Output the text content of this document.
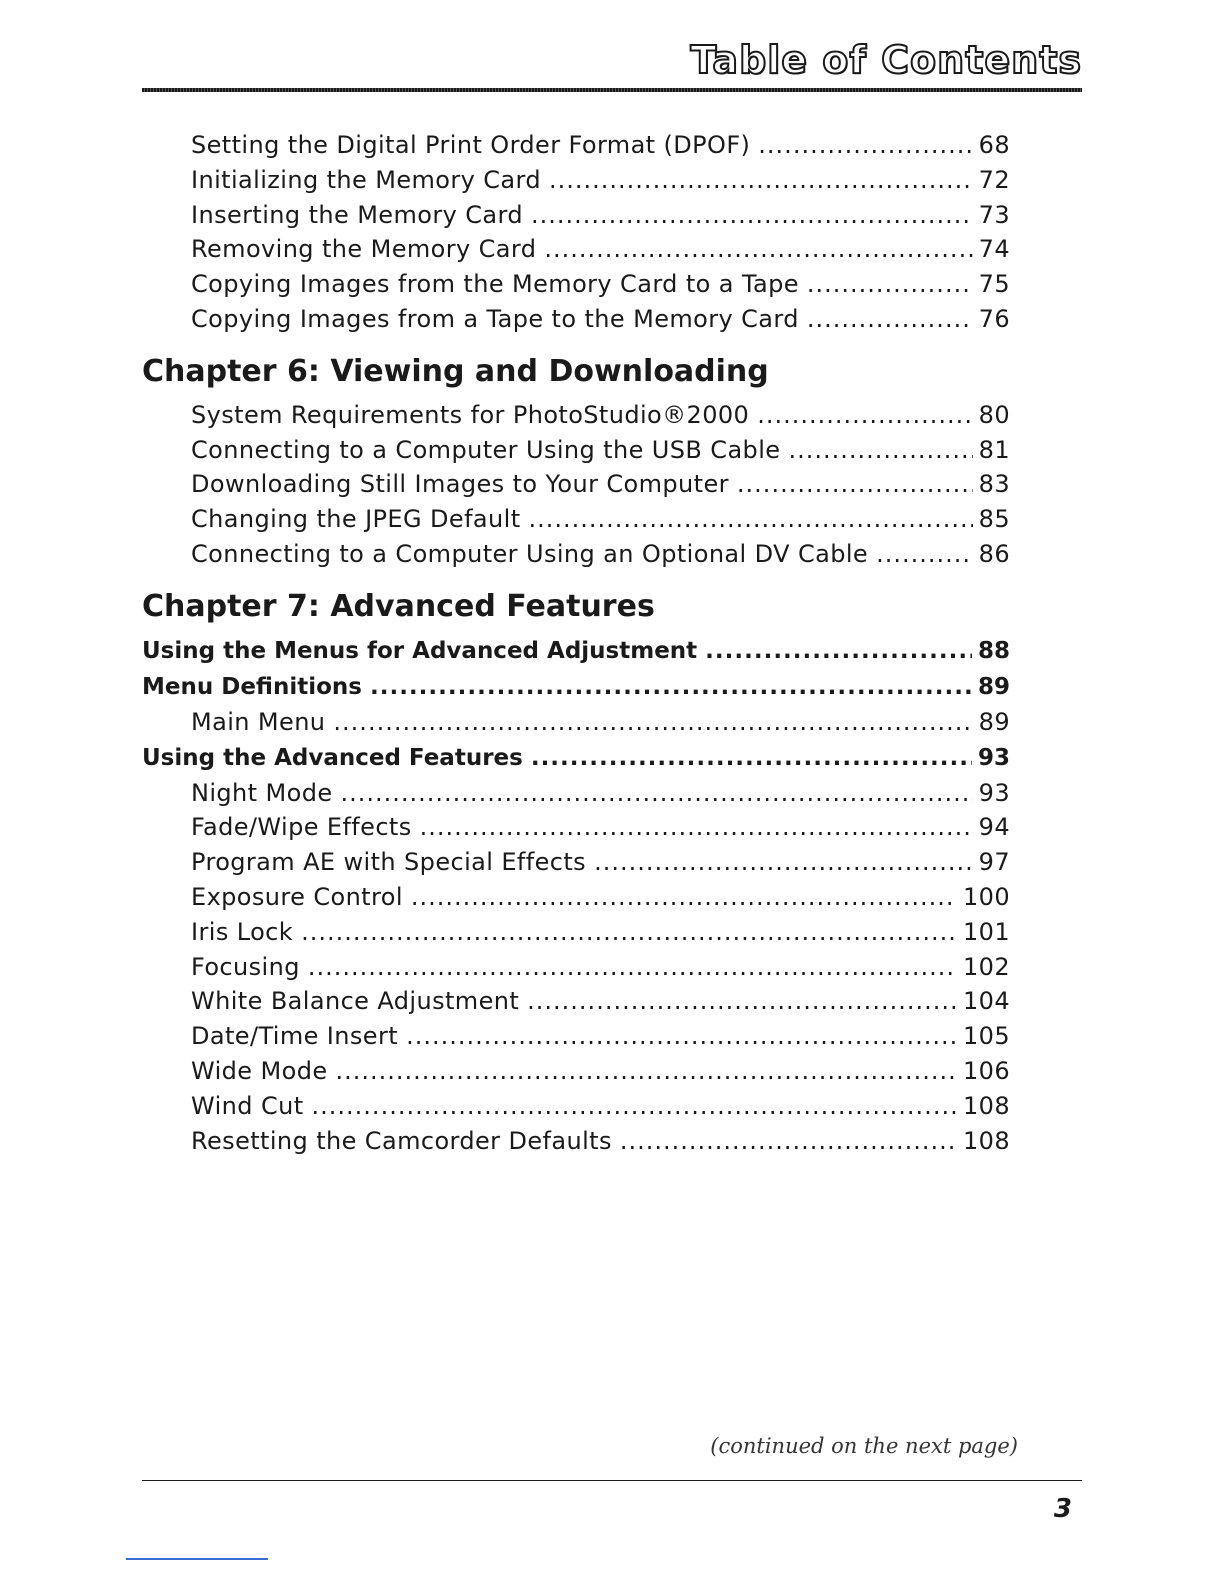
Table of Contents
Setting the Digital Print Order Format (DPOF) .....	68
Initializing the Memory Card .....	72
Inserting the Memory Card .....	73
Removing the Memory Card .....	74
Copying Images from the Memory Card to a Tape .....	75
Copying Images from a Tape to the Memory Card .....	76
Chapter 6: Viewing and Downloading
System Requirements for PhotoStudio®2000 .....	80
Connecting to a Computer Using the USB Cable .....	81
Downloading Still Images to Your Computer .....	83
Changing the JPEG Default .....	85
Connecting to a Computer Using an Optional DV Cable .....	86
Chapter 7: Advanced Features
Using the Menus for Advanced Adjustment .....	88
Menu Definitions .....	89
Main Menu .....	89
Using the Advanced Features .....	93
Night Mode .....	93
Fade/Wipe Effects .....	94
Program AE with Special Effects .....	97
Exposure Control .....	100
Iris Lock .....	101
Focusing .....	102
White Balance Adjustment .....	104
Date/Time Insert .....	105
Wide Mode .....	106
Wind Cut .....	108
Resetting the Camcorder Defaults .....	108
(continued on the next page)
3
